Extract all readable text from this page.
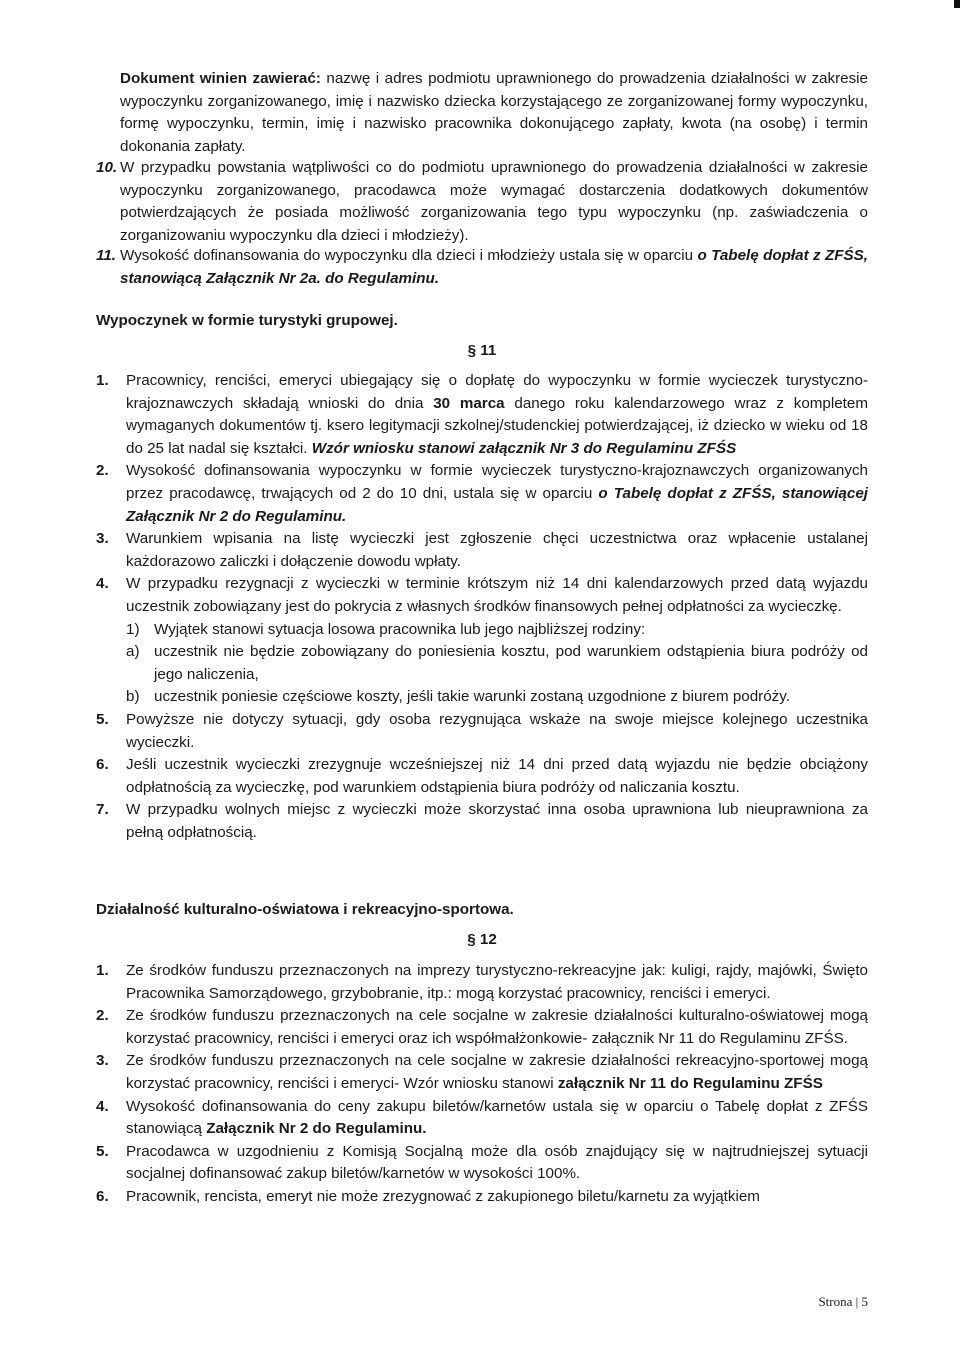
Dokument winien zawierać: nazwę i adres podmiotu uprawnionego do prowadzenia działalności w zakresie wypoczynku zorganizowanego, imię i nazwisko dziecka korzystającego ze zorganizowanej formy wypoczynku, formę wypoczynku, termin, imię i nazwisko pracownika dokonującego zapłaty, kwota (na osobę) i termin dokonania zapłaty.

10. W przypadku powstania wątpliwości co do podmiotu uprawnionego do prowadzenia działalności w zakresie wypoczynku zorganizowanego, pracodawca może wymagać dostarczenia dodatkowych dokumentów potwierdzających że posiada możliwość zorganizowania tego typu wypoczynku (np. zaświadczenia o zorganizowaniu wypoczynku dla dzieci i młodzieży).
11. Wysokość dofinansowania do wypoczynku dla dzieci i młodzieży ustala się w oparciu o Tabelę dopłat z ZFŚS, stanowiącą Załącznik Nr 2a. do Regulaminu.

Wypoczynek w formie turystyki grupowej.

§ 11

1.	Pracownicy, renciści, emeryci ubiegający się o dopłatę do wypoczynku w formie wycieczek turystyczno-krajoznawczych składają wnioski do dnia 30 marca danego roku kalendarzowego wraz z kompletem wymaganych dokumentów tj. ksero legitymacji szkolnej/studenckiej potwierdzającej, iż dziecko w wieku od 18 do 25 lat nadal się kształci. Wzór wniosku stanowi załącznik Nr 3 do Regulaminu ZFŚS
2.	Wysokość dofinansowania wypoczynku w formie wycieczek turystyczno-krajoznawczych organizowanych przez pracodawcę, trwających od 2 do 10 dni, ustala się w oparciu o Tabelę dopłat z ZFŚS, stanowiącej Załącznik Nr 2 do Regulaminu.
3.	Warunkiem wpisania na listę wycieczki jest zgłoszenie chęci uczestnictwa oraz wpłacenie ustalanej każdorazowo zaliczki i dołączenie dowodu wpłaty.
4.	W przypadku rezygnacji z wycieczki w terminie krótszym niż 14 dni kalendarzowych przed datą wyjazdu uczestnik zobowiązany jest do pokrycia z własnych środków finansowych pełnej odpłatności za wycieczkę.
1) Wyjątek stanowi sytuacja losowa pracownika lub jego najbliższej rodziny:
a) uczestnik nie będzie zobowiązany do poniesienia kosztu, pod warunkiem odstąpienia biura podróży od jego naliczenia,
b) uczestnik poniesie częściowe koszty, jeśli takie warunki zostaną uzgodnione z biurem podróży.
5.	Powyższe nie dotyczy sytuacji, gdy osoba rezygnująca wskaże na swoje miejsce kolejnego uczestnika wycieczki.
6.	Jeśli uczestnik wycieczki zrezygnuje wcześniejszej niż 14 dni przed datą wyjazdu nie będzie obciążony odpłatnością za wycieczkę, pod warunkiem odstąpienia biura podróży od naliczania kosztu.
7.	W przypadku wolnych miejsc z wycieczki może skorzystać inna osoba uprawniona lub nieuprawniona za pełną odpłatnością.

Działalność kulturalno-oświatowa i rekreacyjno-sportowa.

§ 12

1.	Ze środków funduszu przeznaczonych na imprezy turystyczno-rekreacyjne jak: kuligi, rajdy, majówki, Święto Pracownika Samorządowego, grzybobranie, itp.: mogą korzystać pracownicy, renciści i emeryci.
2.	Ze środków funduszu przeznaczonych na cele socjalne w zakresie działalności kulturalno-oświatowej mogą korzystać pracownicy, renciści i emeryci oraz ich współmałżonkowie- załącznik Nr 11 do Regulaminu ZFŚS.
3.	Ze środków funduszu przeznaczonych na cele socjalne w zakresie działalności rekreacyjno-sportowej mogą korzystać pracownicy, renciści i emeryci- Wzór wniosku stanowi załącznik Nr 11 do Regulaminu ZFŚS
4.	Wysokość dofinansowania do ceny zakupu biletów/karnetów ustala się w oparciu o Tabelę dopłat z ZFŚS stanowiącą Załącznik Nr 2 do Regulaminu.
5.	Pracodawca w uzgodnieniu z Komisją Socjalną może dla osób znajdujący się w najtrudniejszej sytuacji socjalnej dofinansować zakup biletów/karnetów w wysokości 100%.
6.	Pracownik, rencista, emeryt nie może zrezygnować z zakupionego biletu/karnetu za wyjątkiem
Strona | 5
